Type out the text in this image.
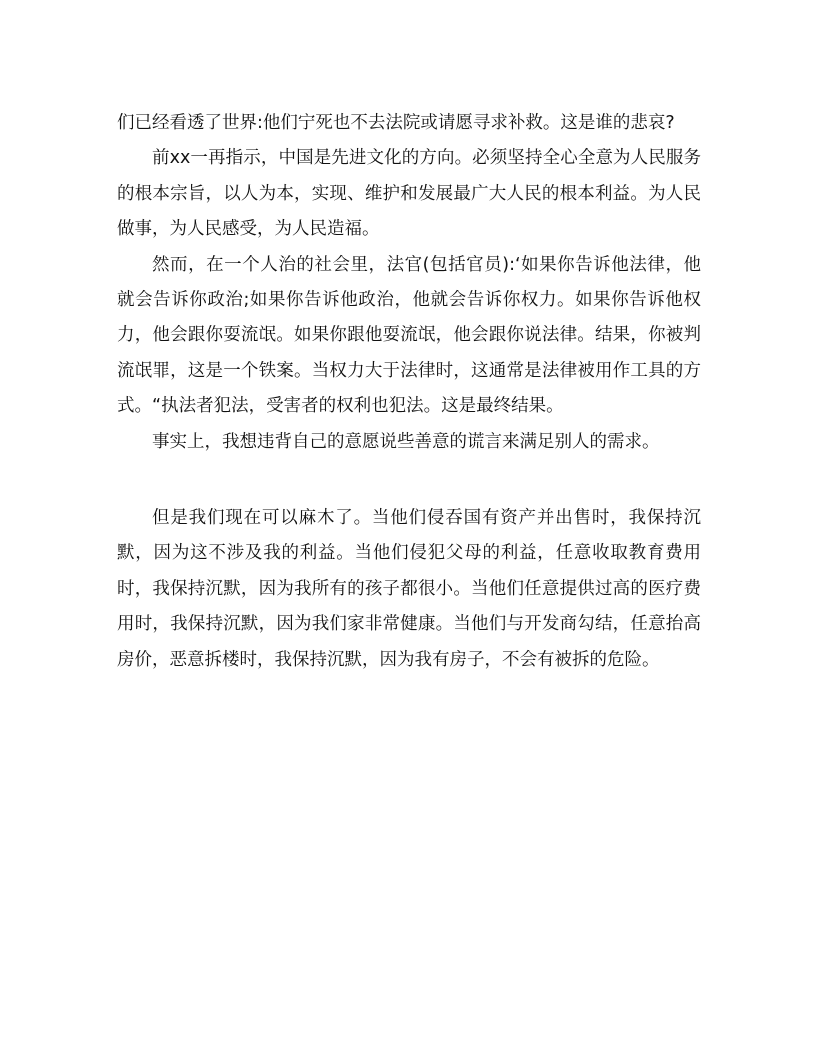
们已经看透了世界:他们宁死也不去法院或请愿寻求补救。这是谁的悲哀?

前xx一再指示，中国是先进文化的方向。必须坚持全心全意为人民服务的根本宗旨，以人为本，实现、维护和发展最广大人民的根本利益。为人民做事，为人民感受，为人民造福。

然而，在一个人治的社会里，法官(包括官员):‘如果你告诉他法律，他就会告诉你政治;如果你告诉他政治，他就会告诉你权力。如果你告诉他权力，他会跟你耍流氓。如果你跟他耍流氓，他会跟你说法律。结果，你被判流氓罪，这是一个铁案。当权力大于法律时，这通常是法律被用作工具的方式。“执法者犯法，受害者的权利也犯法。这是最终结果。

事实上，我想违背自己的意愿说些善意的谎言来满足别人的需求。

但是我们现在可以麻木了。当他们侵吞国有资产并出售时，我保持沉默，因为这不涉及我的利益。当他们侵犯父母的利益，任意收取教育费用时，我保持沉默，因为我所有的孩子都很小。当他们任意提供过高的医疗费用时，我保持沉默，因为我们家非常健康。当他们与开发商勾结，任意抬高房价，恶意拆楼时，我保持沉默，因为我有房子，不会有被拆的危险。
